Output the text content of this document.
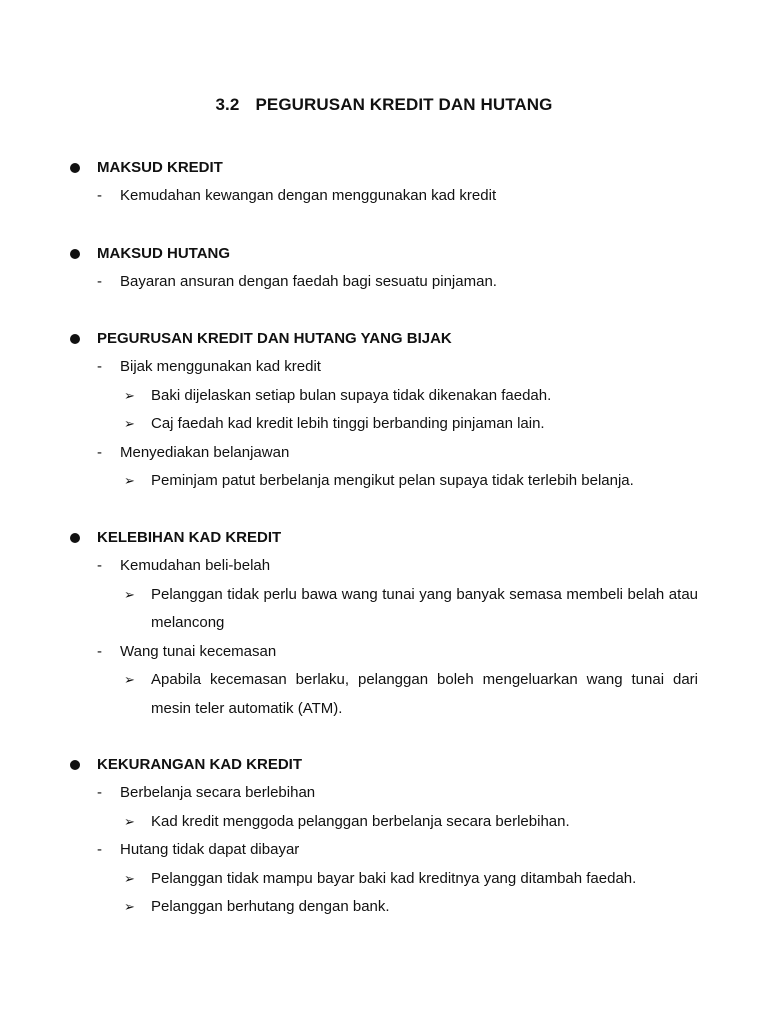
3.2 PEGURUSAN KREDIT DAN HUTANG
MAKSUD KREDIT
- Kemudahan kewangan dengan menggunakan kad kredit
MAKSUD HUTANG
- Bayaran ansuran dengan faedah bagi sesuatu pinjaman.
PEGURUSAN KREDIT DAN HUTANG YANG BIJAK
- Bijak menggunakan kad kredit
➢ Baki dijelaskan setiap bulan supaya tidak dikenakan faedah.
➢ Caj faedah kad kredit lebih tinggi berbanding pinjaman lain.
- Menyediakan belanjawan
➢ Peminjam patut berbelanja mengikut pelan supaya tidak terlebih belanja.
KELEBIHAN KAD KREDIT
- Kemudahan beli-belah
➢ Pelanggan tidak perlu bawa wang tunai yang banyak semasa membeli belah atau melancong
- Wang tunai kecemasan
➢ Apabila kecemasan berlaku, pelanggan boleh mengeluarkan wang tunai dari mesin teler automatik (ATM).
KEKURANGAN KAD KREDIT
- Berbelanja secara berlebihan
➢ Kad kredit menggoda pelanggan berbelanja secara berlebihan.
- Hutang tidak dapat dibayar
➢ Pelanggan tidak mampu bayar baki kad kreditnya yang ditambah faedah.
➢ Pelanggan berhutang dengan bank.
